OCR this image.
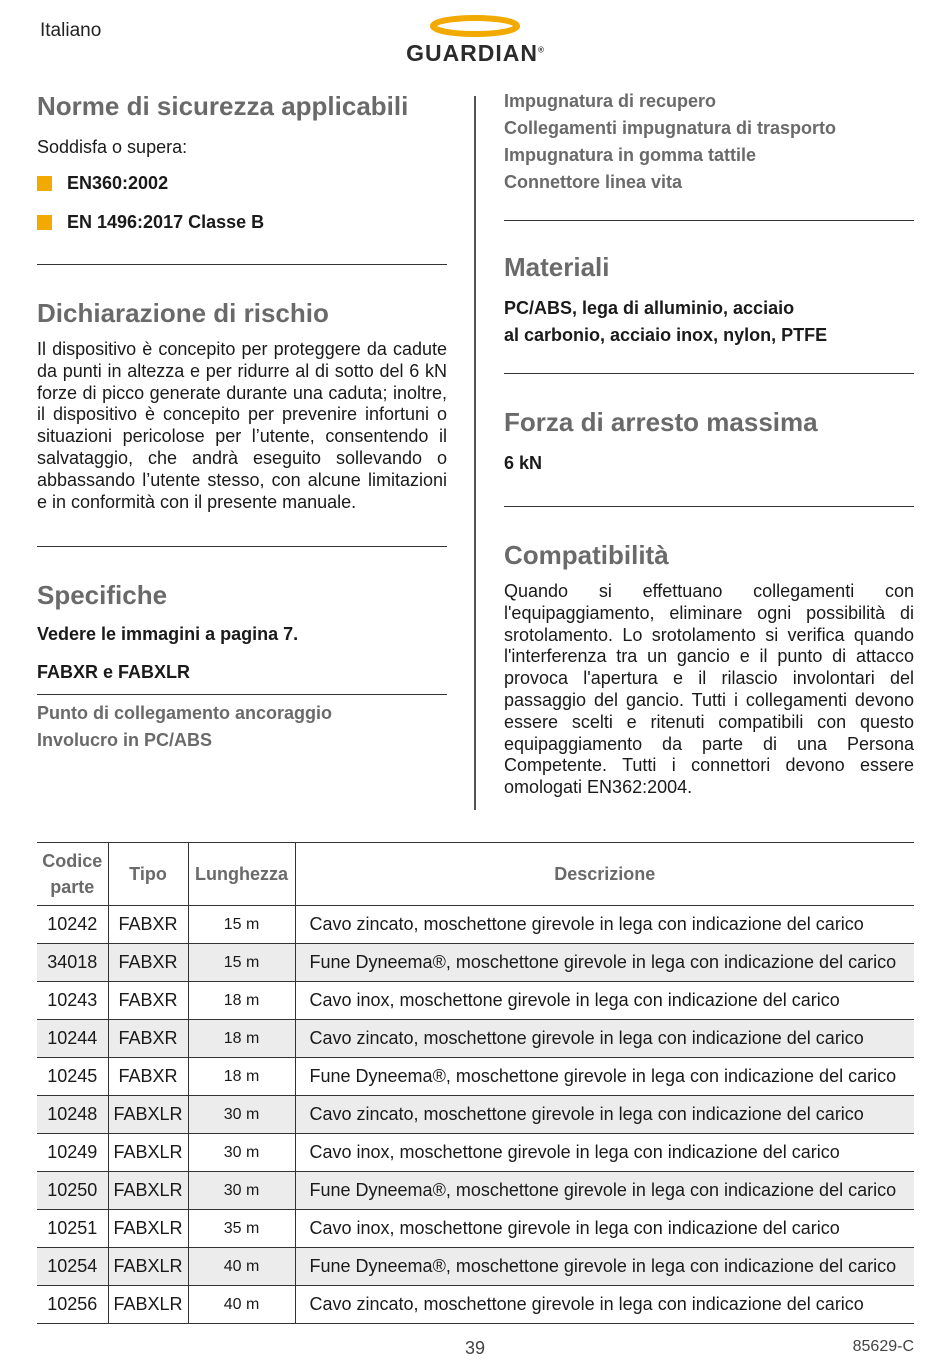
Italiano
GUARDIAN®
Norme di sicurezza applicabili

Soddisfa o supera:

EN360:2002
EN 1496:2017 Classe B
Dichiarazione di rischio

Il dispositivo è concepito per proteggere da cadute da punti in altezza e per ridurre al di sotto del 6 kN forze di picco generate durante una caduta; inoltre, il dispositivo è concepito per prevenire infortuni o situazioni pericolose per l’utente, consentendo il salvataggio, che andrà eseguito sollevando o abbassando l’utente stesso, con alcune limitazioni e in conformità con il presente manuale.

Specifiche

Vedere le immagini a pagina 7.

FABXR e FABXLR

Punto di collegamento ancoraggio
Involucro in PC/ABS
Impugnatura di recupero
Collegamenti impugnatura di trasporto
Impugnatura in gomma tattile
Connettore linea vita
Materiali

PC/ABS, lega di alluminio, acciaio

al carbonio, acciaio inox, nylon, PTFE

Forza di arresto massima

6 kN

Compatibilità

Quando si effettuano collegamenti con l'equipaggiamento, eliminare ogni possibilità di srotolamento. Lo srotolamento si verifica quando l'interferenza tra un gancio e il punto di attacco provoca l'apertura e il rilascio involontari del passaggio del gancio. Tutti i collegamenti devono essere scelti e ritenuti compatibili con questo equipaggiamento da parte di una Persona Competente. Tutti i connettori devono essere omologati EN362:2004.

Codice parte	Tipo	Lunghezza	Descrizione
10242	FABXR	15 m	Cavo zincato, moschettone girevole in lega con indicazione del carico
34018	FABXR	15 m	Fune Dyneema®, moschettone girevole in lega con indicazione del carico
10243	FABXR	18 m	Cavo inox, moschettone girevole in lega con indicazione del carico
10244	FABXR	18 m	Cavo zincato, moschettone girevole in lega con indicazione del carico
10245	FABXR	18 m	Fune Dyneema®, moschettone girevole in lega con indicazione del carico
10248	FABXLR	30 m	Cavo zincato, moschettone girevole in lega con indicazione del carico
10249	FABXLR	30 m	Cavo inox, moschettone girevole in lega con indicazione del carico
10250	FABXLR	30 m	Fune Dyneema®, moschettone girevole in lega con indicazione del carico
10251	FABXLR	35 m	Cavo inox, moschettone girevole in lega con indicazione del carico
10254	FABXLR	40 m	Fune Dyneema®, moschettone girevole in lega con indicazione del carico
10256	FABXLR	40 m	Cavo zincato, moschettone girevole in lega con indicazione del carico
39	85629-C
